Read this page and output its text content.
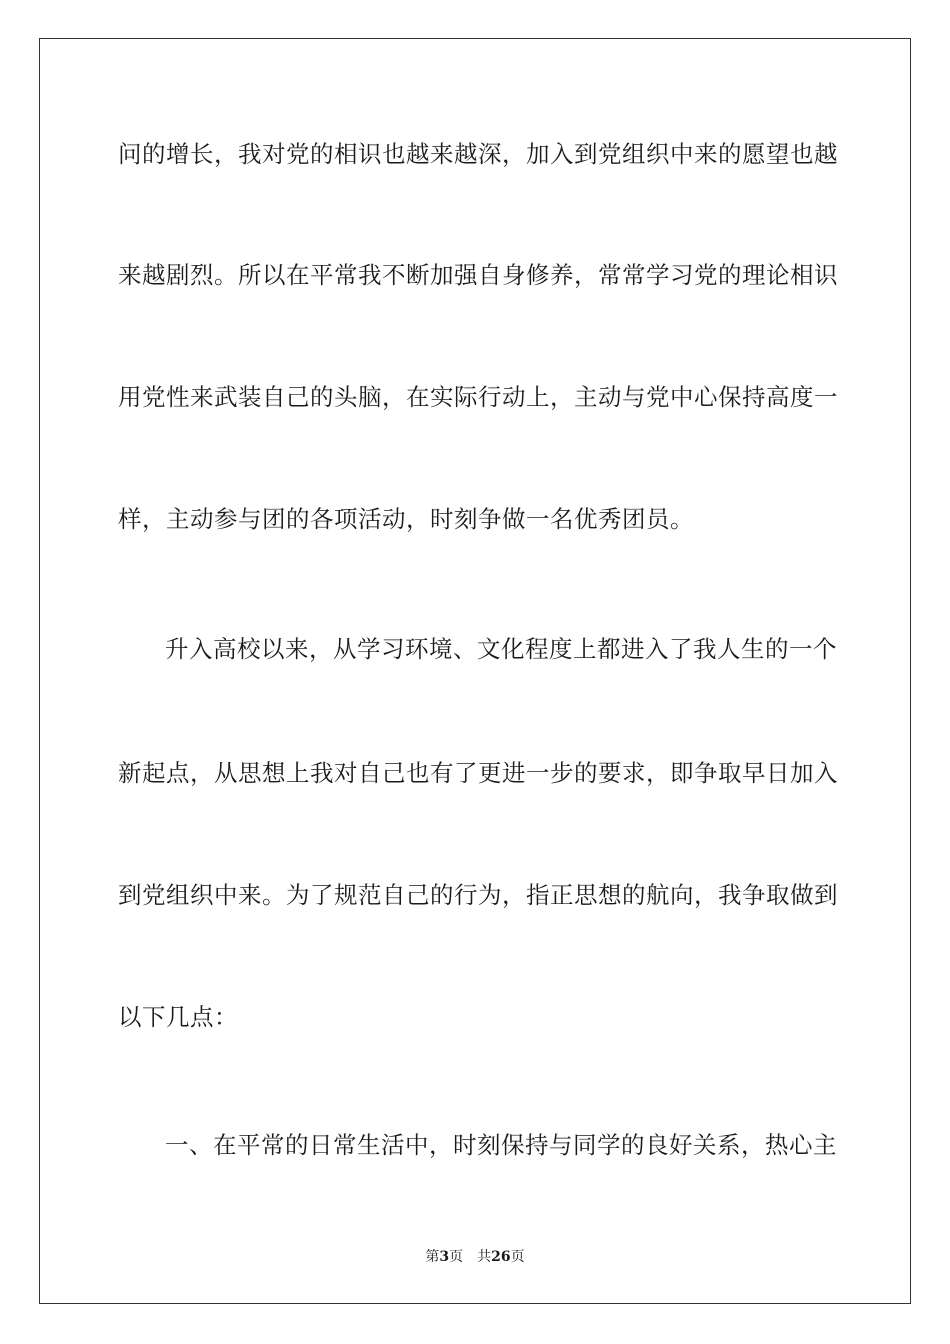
问的增长，我对党的相识也越来越深，加入到党组织中来的愿望也越
来越剧烈。所以在平常我不断加强自身修养，常常学习党的理论相识
用党性来武装自己的头脑，在实际行动上，主动与党中心保持高度一
样，主动参与团的各项活动，时刻争做一名优秀团员。
升入高校以来，从学习环境、文化程度上都进入了我人生的一个
新起点，从思想上我对自己也有了更进一步的要求，即争取早日加入
到党组织中来。为了规范自己的行为，指正思想的航向，我争取做到
以下几点：
一、在平常的日常生活中，时刻保持与同学的良好关系，热心主
第3页 共26页
